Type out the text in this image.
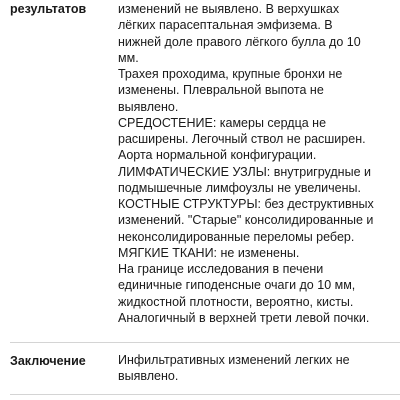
результатов	изменений не выявлено. В верхушках

лёгких парасептальная эмфизема. В

нижней доле правого лёгкого булла до 10

мм.

Трахея проходима, крупные бронхи не

изменены. Плевральной выпота не

выявлено.

СРЕДОСТЕНИЕ: камеры сердца не

расширены. Легочный ствол не расширен.

Аорта нормальной конфигурации.

ЛИМФАТИЧЕСКИЕ УЗЛЫ: внутригрудные и

подмышечные лимфоузлы не увеличены.

КОСТНЫЕ СТРУКТУРЫ: без деструктивных

изменений. "Старые" консолидированные и

неконсолидированные переломы ребер.

МЯГКИЕ ТКАНИ: не изменены.

На границе исследования в печени

единичные гиподенсные очаги до 10 мм,

жидкостной плотности, вероятно, кисты.

Аналогичный в верхней трети левой почки.

Заключение	Инфильтративных изменений легких не

выявлено.
